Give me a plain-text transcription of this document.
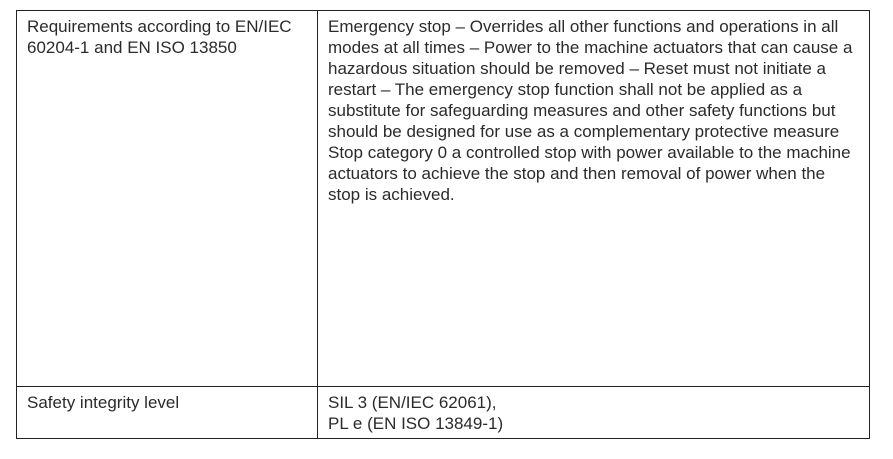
Requirements according to EN/IEC 60204-1 and EN ISO 13850	Emergency stop – Overrides all other functions and operations in all modes at all times – Power to the machine actuators that can cause a hazardous situation should be removed – Reset must not initiate a restart – The emergency stop function shall not be applied as a substitute for safeguarding measures and other safety functions but should be designed for use as a complementary protective measure Stop category 0 a controlled stop with power available to the machine actuators to achieve the stop and then removal of power when the stop is achieved.
Safety integrity level	SIL 3 (EN/IEC 62061),
PL e (EN ISO 13849-1)
